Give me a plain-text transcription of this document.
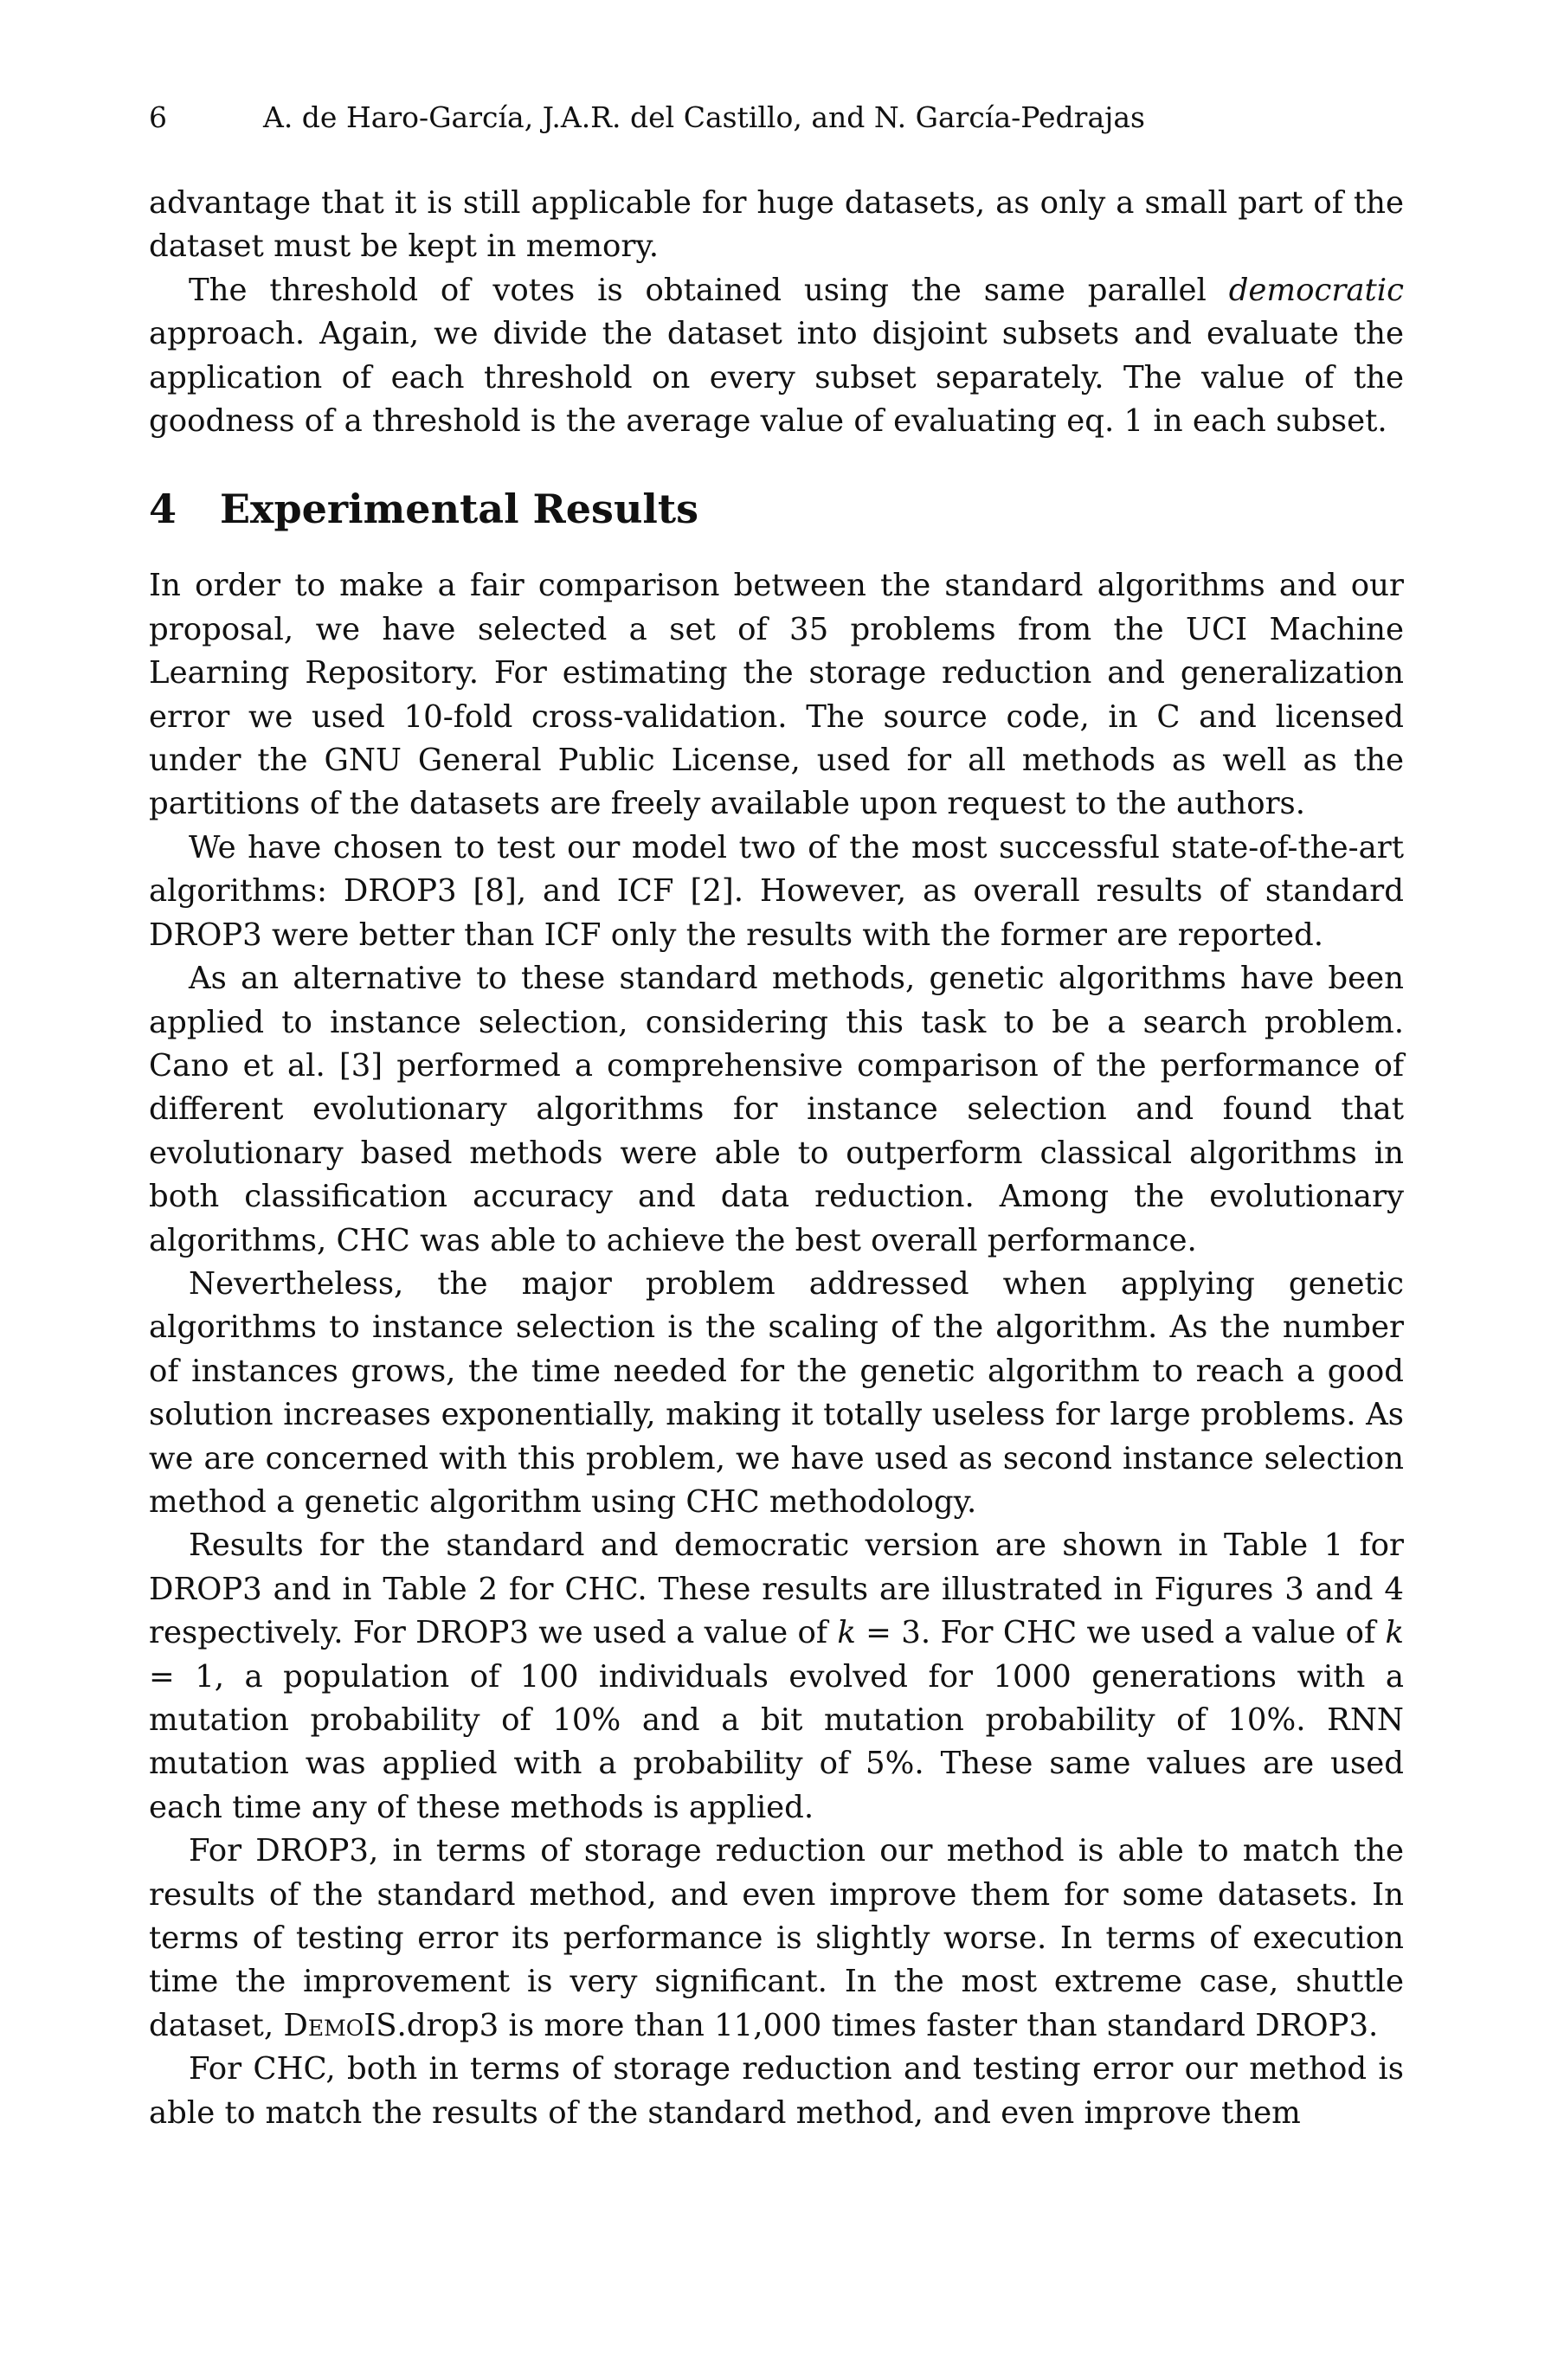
6	A. de Haro-García, J.A.R. del Castillo, and N. García-Pedrajas

advantage that it is still applicable for huge datasets, as only a small part of the dataset must be kept in memory.

The threshold of votes is obtained using the same parallel democratic approach. Again, we divide the dataset into disjoint subsets and evaluate the application of each threshold on every subset separately. The value of the goodness of a threshold is the average value of evaluating eq. 1 in each subset.

4 Experimental Results

In order to make a fair comparison between the standard algorithms and our proposal, we have selected a set of 35 problems from the UCI Machine Learning Repository. For estimating the storage reduction and generalization error we used 10-fold cross-validation. The source code, in C and licensed under the GNU General Public License, used for all methods as well as the partitions of the datasets are freely available upon request to the authors.

We have chosen to test our model two of the most successful state-of-the-art algorithms: DROP3 [8], and ICF [2]. However, as overall results of standard DROP3 were better than ICF only the results with the former are reported.

As an alternative to these standard methods, genetic algorithms have been applied to instance selection, considering this task to be a search problem. Cano et al. [3] performed a comprehensive comparison of the performance of different evolutionary algorithms for instance selection and found that evolutionary based methods were able to outperform classical algorithms in both classification accuracy and data reduction. Among the evolutionary algorithms, CHC was able to achieve the best overall performance.

Nevertheless, the major problem addressed when applying genetic algorithms to instance selection is the scaling of the algorithm. As the number of instances grows, the time needed for the genetic algorithm to reach a good solution increases exponentially, making it totally useless for large problems. As we are concerned with this problem, we have used as second instance selection method a genetic algorithm using CHC methodology.

Results for the standard and democratic version are shown in Table 1 for DROP3 and in Table 2 for CHC. These results are illustrated in Figures 3 and 4 respectively. For DROP3 we used a value of k = 3. For CHC we used a value of k = 1, a population of 100 individuals evolved for 1000 generations with a mutation probability of 10% and a bit mutation probability of 10%. RNN mutation was applied with a probability of 5%. These same values are used each time any of these methods is applied.

For DROP3, in terms of storage reduction our method is able to match the results of the standard method, and even improve them for some datasets. In terms of testing error its performance is slightly worse. In terms of execution time the improvement is very significant. In the most extreme case, shuttle dataset, DemoIS.drop3 is more than 11,000 times faster than standard DROP3.

For CHC, both in terms of storage reduction and testing error our method is able to match the results of the standard method, and even improve them
